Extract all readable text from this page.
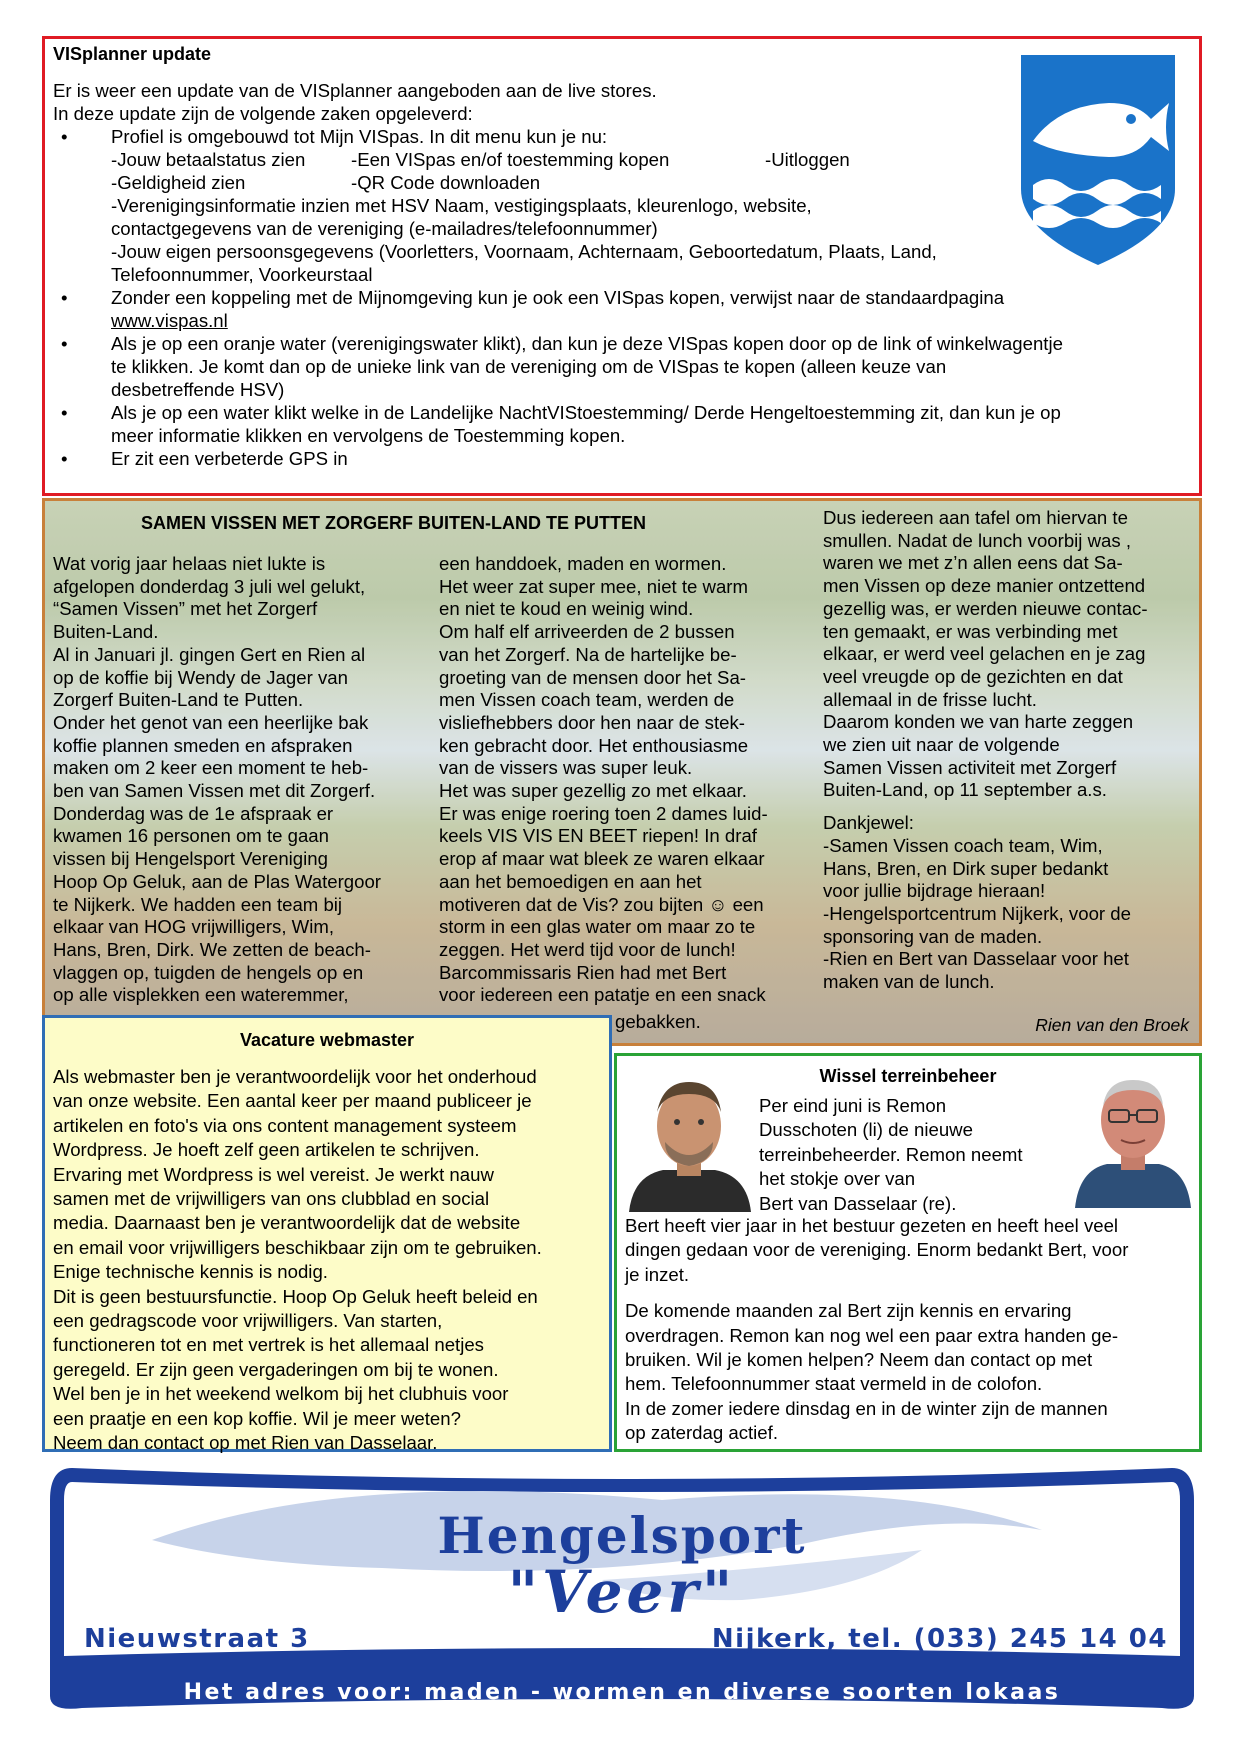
VISplanner update

Er is weer een update van de VISplanner aangeboden aan de live stores.

In deze update zijn de volgende zaken opgeleverd:

• Profiel is omgebouwd tot Mijn VISpas. In dit menu kun je nu:
-Jouw betaalstatus zien -Een VISpas en/of toestemming kopen	-Uitloggen
-Geldigheid zien	-QR Code downloaden
-Verenigingsinformatie inzien met HSV Naam, vestigingsplaats, kleurenlogo, website,
contactgegevens van de vereniging (e-mailadres/telefoonnummer)
-Jouw eigen persoonsgegevens (Voorletters, Voornaam, Achternaam, Geboortedatum, Plaats, Land,
Telefoonnummer, Voorkeurstaal
• Zonder een koppeling met de Mijnomgeving kun je ook een VISpas kopen, verwijst naar de standaardpagina
www.vispas.nl
• Als je op een oranje water (verenigingswater klikt), dan kun je deze VISpas kopen door op de link of winkelwagentje
te klikken. Je komt dan op de unieke link van de vereniging om de VISpas te kopen (alleen keuze van
desbetreffende HSV)
• Als je op een water klikt welke in de Landelijke NachtVIStoestemming/ Derde Hengeltoestemming zit, dan kun je op
meer informatie klikken en vervolgens de Toestemming kopen.
• Er zit een verbeterde GPS in

SAMEN VISSEN MET ZORGERF BUITEN-LAND TE PUTTEN

Wat vorig jaar helaas niet lukte is

afgelopen donderdag 3 juli wel gelukt,

“Samen Vissen” met het Zorgerf

Buiten-Land.

Al in Januari jl. gingen Gert en Rien al

op de koffie bij Wendy de Jager van

Zorgerf Buiten-Land te Putten.

Onder het genot van een heerlijke bak

koffie plannen smeden en afspraken

maken om 2 keer een moment te heb-

ben van Samen Vissen met dit Zorgerf.

Donderdag was de 1e afspraak er

kwamen 16 personen om te gaan

vissen bij Hengelsport Vereniging

Hoop Op Geluk, aan de Plas Watergoor

te Nijkerk. We hadden een team bij

elkaar van HOG vrijwilligers, Wim,

Hans, Bren, Dirk. We zetten de beach-

vlaggen op, tuigden de hengels op en

op alle visplekken een wateremmer,

een handdoek, maden en wormen.

Het weer zat super mee, niet te warm

en niet te koud en weinig wind.

Om half elf arriveerden de 2 bussen

van het Zorgerf. Na de hartelijke be-

groeting van de mensen door het Sa-

men Vissen coach team, werden de

visliefhebbers door hen naar de stek-

ken gebracht door. Het enthousiasme

van de vissers was super leuk.

Het was super gezellig zo met elkaar.

Er was enige roering toen 2 dames luid-

keels VIS VIS EN BEET riepen! In draf

erop af maar wat bleek ze waren elkaar

aan het bemoedigen en aan het

motiveren dat de Vis? zou bijten ☺ een

storm in een glas water om maar zo te

zeggen. Het werd tijd voor de lunch!

Barcommissaris Rien had met Bert

voor iedereen een patatje en een snack

gebakken.

Dus iedereen aan tafel om hiervan te

smullen. Nadat de lunch voorbij was ,

waren we met z’n allen eens dat Sa-

men Vissen op deze manier ontzettend

gezellig was, er werden nieuwe contac-

ten gemaakt, er was verbinding met

elkaar, er werd veel gelachen en je zag

veel vreugde op de gezichten en dat

allemaal in de frisse lucht.

Daarom konden we van harte zeggen

we zien uit naar de volgende

Samen Vissen activiteit met Zorgerf

Buiten-Land, op 11 september a.s.

Dankjewel:

-Samen Vissen coach team, Wim,

Hans, Bren, en Dirk super bedankt

voor jullie bijdrage hieraan!

-Hengelsportcentrum Nijkerk, voor de

sponsoring van de maden.

-Rien en Bert van Dasselaar voor het

maken van de lunch.

Rien van den Broek

Vacature webmaster

Als webmaster ben je verantwoordelijk voor het onderhoud

van onze website. Een aantal keer per maand publiceer je

artikelen en foto's via ons content management systeem

Wordpress. Je hoeft zelf geen artikelen te schrijven.

Ervaring met Wordpress is wel vereist. Je werkt nauw

samen met de vrijwilligers van ons clubblad en social

media. Daarnaast ben je verantwoordelijk dat de website

en email voor vrijwilligers beschikbaar zijn om te gebruiken.

Enige technische kennis is nodig.

Dit is geen bestuursfunctie. Hoop Op Geluk heeft beleid en

een gedragscode voor vrijwilligers. Van starten,

functioneren tot en met vertrek is het allemaal netjes

geregeld. Er zijn geen vergaderingen om bij te wonen.

Wel ben je in het weekend welkom bij het clubhuis voor

een praatje en een kop koffie. Wil je meer weten?

Neem dan contact op met Rien van Dasselaar.

Wissel terreinbeheer

Per eind juni is Remon

Dusschoten (li) de nieuwe

terreinbeheerder. Remon neemt

het stokje over van

Bert van Dasselaar (re).

Bert heeft vier jaar in het bestuur gezeten en heeft heel veel

dingen gedaan voor de vereniging. Enorm bedankt Bert, voor

je inzet.

De komende maanden zal Bert zijn kennis en ervaring

overdragen. Remon kan nog wel een paar extra handen ge-

bruiken. Wil je komen helpen? Neem dan contact op met

hem. Telefoonnummer staat vermeld in de colofon.

In de zomer iedere dinsdag en in de winter zijn de mannen

op zaterdag actief.

Hengelsport

"Veer"

Nieuwstraat 3	Nijkerk, tel. (033) 245 14 04

Het adres voor: maden - wormen en diverse soorten lokaas
